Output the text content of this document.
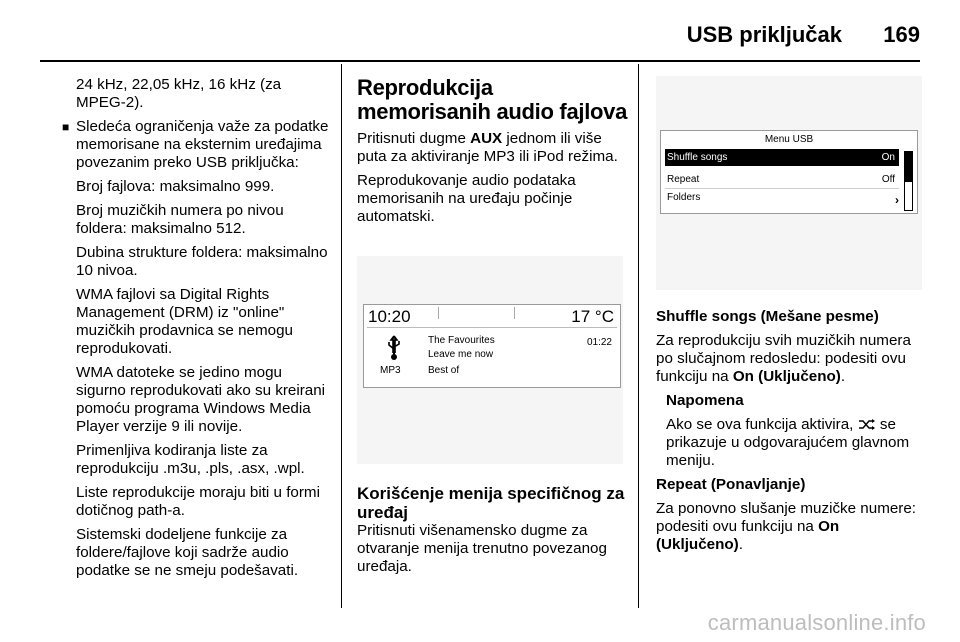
USB priključak 169

24 kHz, 22,05 kHz, 16 kHz (za MPEG-2).

■ Sledeća ograničenja važe za podatke memorisane na eksternim uređajima povezanim preko USB priključka:

Broj fajlova: maksimalno 999.

Broj muzičkih numera po nivou foldera: maksimalno 512.

Dubina strukture foldera: maksimalno 10 nivoa.

WMA fajlovi sa Digital Rights Management (DRM) iz "online" muzičkih prodavnica se nemogu reprodukovati.

WMA datoteke se jedino mogu sigurno reprodukovati ako su kreirani pomoću programa Windows Media Player verzije 9 ili novije.

Primenljiva kodiranja liste za reprodukciju .m3u, .pls, .asx, .wpl.

Liste reprodukcije moraju biti u formi dotičnog path-a.

Sistemski dodeljene funkcije za foldere/fajlove koji sadrže audio podatke se ne smeju podešavati.

Reprodukcija memorisanih audio fajlova

Pritisnuti dugme AUX jednom ili više puta za aktiviranje MP3 ili iPod režima.

Reprodukovanje audio podataka memorisanih na uređaju počinje automatski.

10:20	17 °C
MP3
The Favourites
Leave me now
Best of
01:22
Korišćenje menija specifičnog za uređaj

Pritisnuti višenamensko dugme za otvaranje menija trenutno povezanog uređaja.

Menu USB
Shuffle songs	On
Repeat	Off
Folders	›

Shuffle songs (Mešane pesme)

Za reprodukciju svih muzičkih numera po slučajnom redosledu: podesiti ovu funkciju na On (Uključeno).

Napomena

Ako se ova funkcija aktivira,  se prikazuje u odgovarajućem glavnom meniju.

Repeat (Ponavljanje)

Za ponovno slušanje muzičke numere: podesiti ovu funkciju na On (Uključeno).

carmanualsonline.info
